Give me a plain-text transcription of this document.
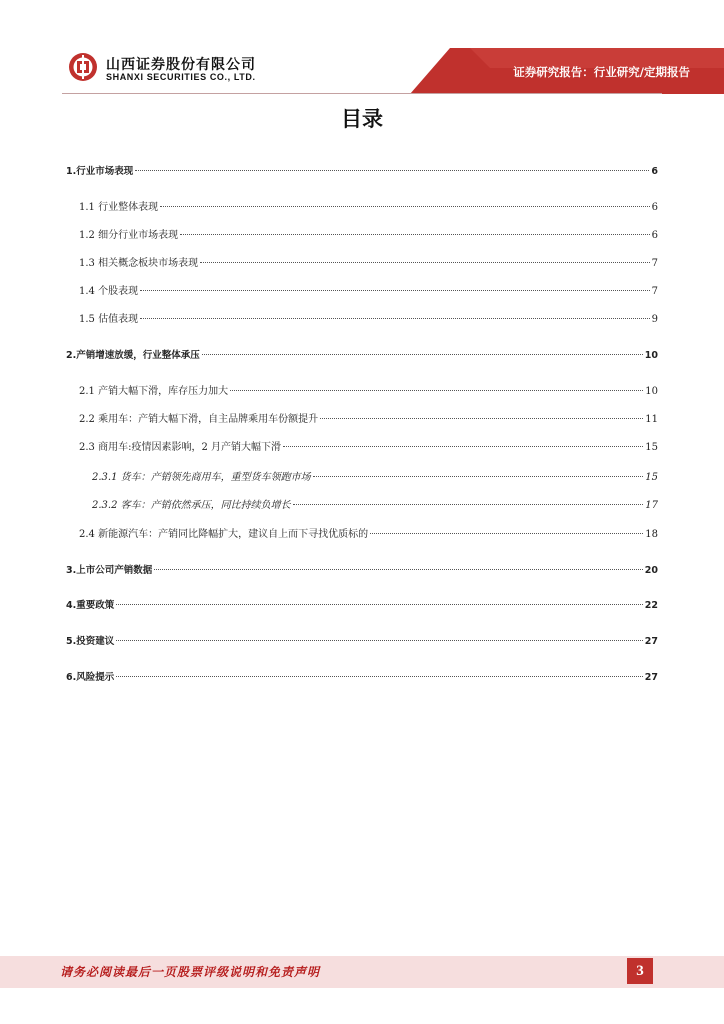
山西证券股份有限公司
SHANXI SECURITIES CO., LTD.	证券研究报告：行业研究/定期报告
目录
1.行业市场表现	6
1.1 行业整体表现	6
1.2 细分行业市场表现	6
1.3 相关概念板块市场表现	7
1.4 个股表现	7
1.5 估值表现	9
2.产销增速放缓，行业整体承压	10
2.1 产销大幅下滑，库存压力加大	10
2.2 乘用车：产销大幅下滑，自主品牌乘用车份额提升	11
2.3 商用车:疫情因素影响，2 月产销大幅下滑	15
2.3.1 货车：产销领先商用车，重型货车领跑市场	15
2.3.2 客车：产销依然承压，同比持续负增长	17
2.4 新能源汽车：产销同比降幅扩大，建议自上而下寻找优质标的	18
3.上市公司产销数据	20
4.重要政策	22
5.投资建议	27
6.风险提示	27
请务必阅读最后一页股票评级说明和免责声明	3
